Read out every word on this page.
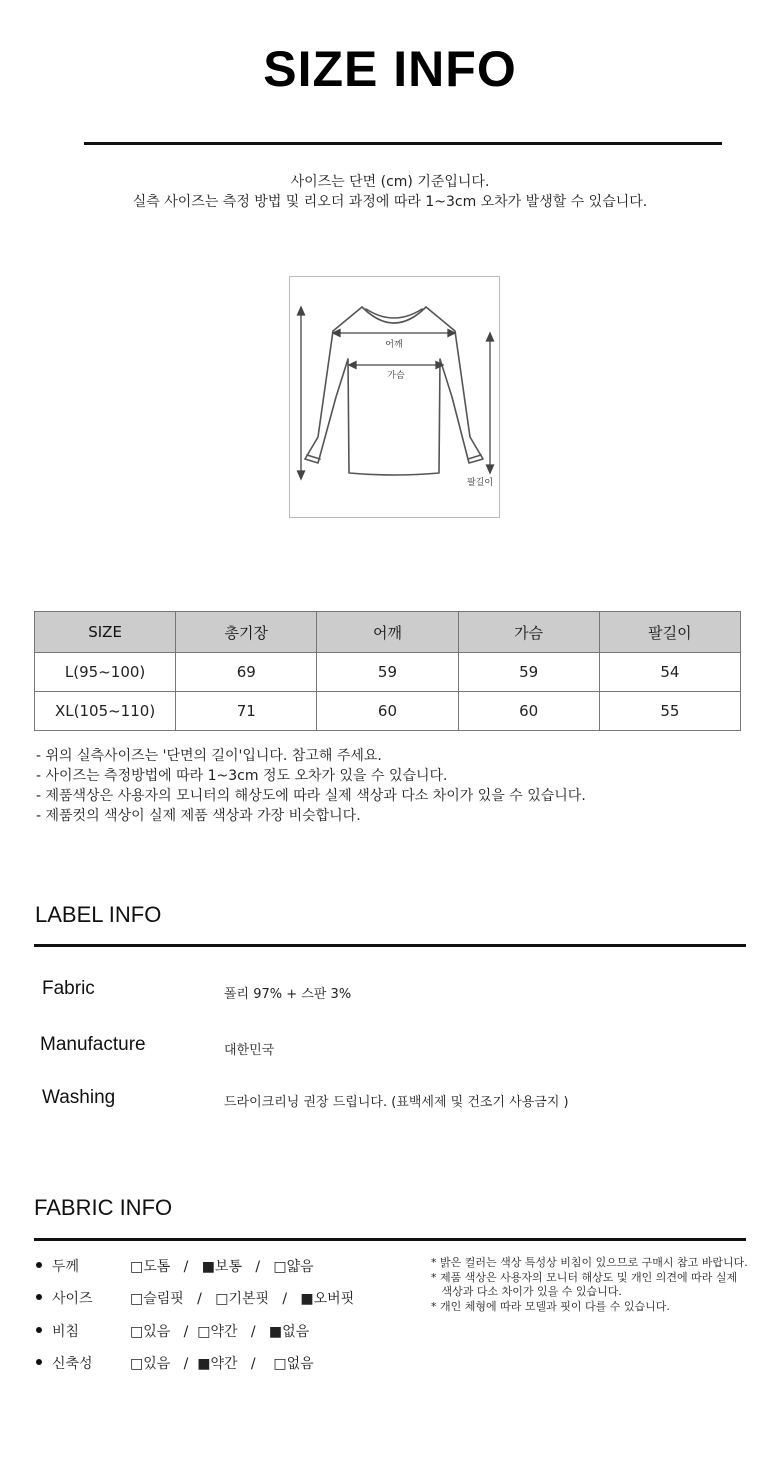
SIZE INFO
사이즈는 단면 (cm) 기준입니다.
실측 사이즈는 측정 방법 및 리오더 과정에 따라 1~3cm 오차가 발생할 수 있습니다.
어깨
가슴
팔길이
SIZE	총기장	어깨	가슴	팔길이
L(95~100)	69	59	59	54
XL(105~110)	71	60	60	55
- 위의 실측사이즈는 '단면의 길이'입니다. 참고해 주세요.
- 사이즈는 측정방법에 따라 1~3cm 정도 오차가 있을 수 있습니다.
- 제품색상은 사용자의 모니터의 해상도에 따라 실제 색상과 다소 차이가 있을 수 있습니다.
- 제품컷의 색상이 실제 제품 색상과 가장 비슷합니다.
LABEL INFO
Fabric	폴리 97% + 스판 3%
Manufacture	대한민국
Washing	드라이크리닝 권장 드립니다. (표백세제 및 건조기 사용금지 )
FABRIC INFO
두께	□도톰   /   ■보통   /   □얇음
사이즈	□슬림핏   /   □기본핏   /   ■오버핏
비침	□있음   /  □약간   /   ■없음
신축성	□있음   /  ■약간   /    □없음

* 밝은 컬러는 색상 특성상 비침이 있으므로 구매시 참고 바랍니다.

* 제품 색상은 사용자의 모니터 해상도 및 개인 의견에 따라 실제

색상과 다소 차이가 있을 수 있습니다.

* 개인 체형에 따라 모델과 핏이 다를 수 있습니다.
